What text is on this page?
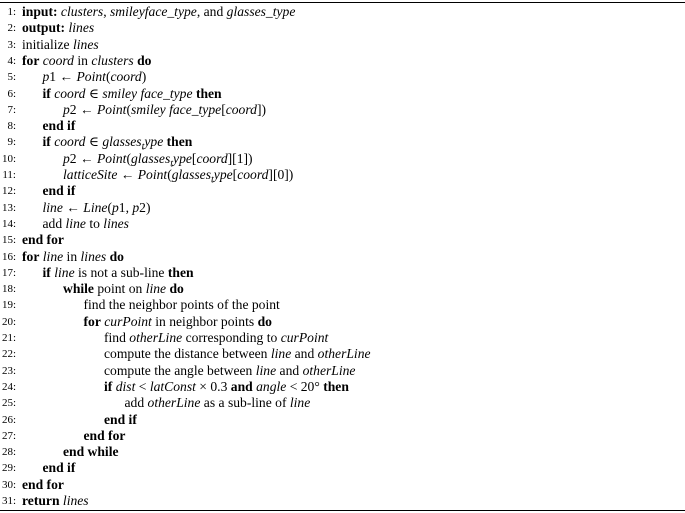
1: input: clusters, smileyface_type, and glasses_type
2: output: lines
3: initialize lines
4: for coord in clusters do
5: p1 ← Point(coord)
6: if coord ∈ smiley face_type then
7:	p2 ← Point(smiley face_type[coord])
8: end if
9: if coord ∈ glasses$_t$ype then
10:	p2 ← Point(glasses$_t$ype[coord][1])
11:	latticeSite ← Point(glasses$_t$ype[coord][0])
12: end if
13: line ← Line(p1, p2)
14: add line to lines
15: end for
16: for line in lines do
17: if line is not a sub-line then
18:	while point on line do
19:	find the neighbor points of the point
20:	for curPoint in neighbor points do
21:	find otherLine corresponding to curPoint
22:	compute the distance between line and otherLine
23:	compute the angle between line and otherLine
24:	if dist < latConst × 0.3 and angle < 20° then
25:	add otherLine as a sub-line of line
26:	end if
27:	end for
28:	end while
29: end if
30: end for
31: return lines
